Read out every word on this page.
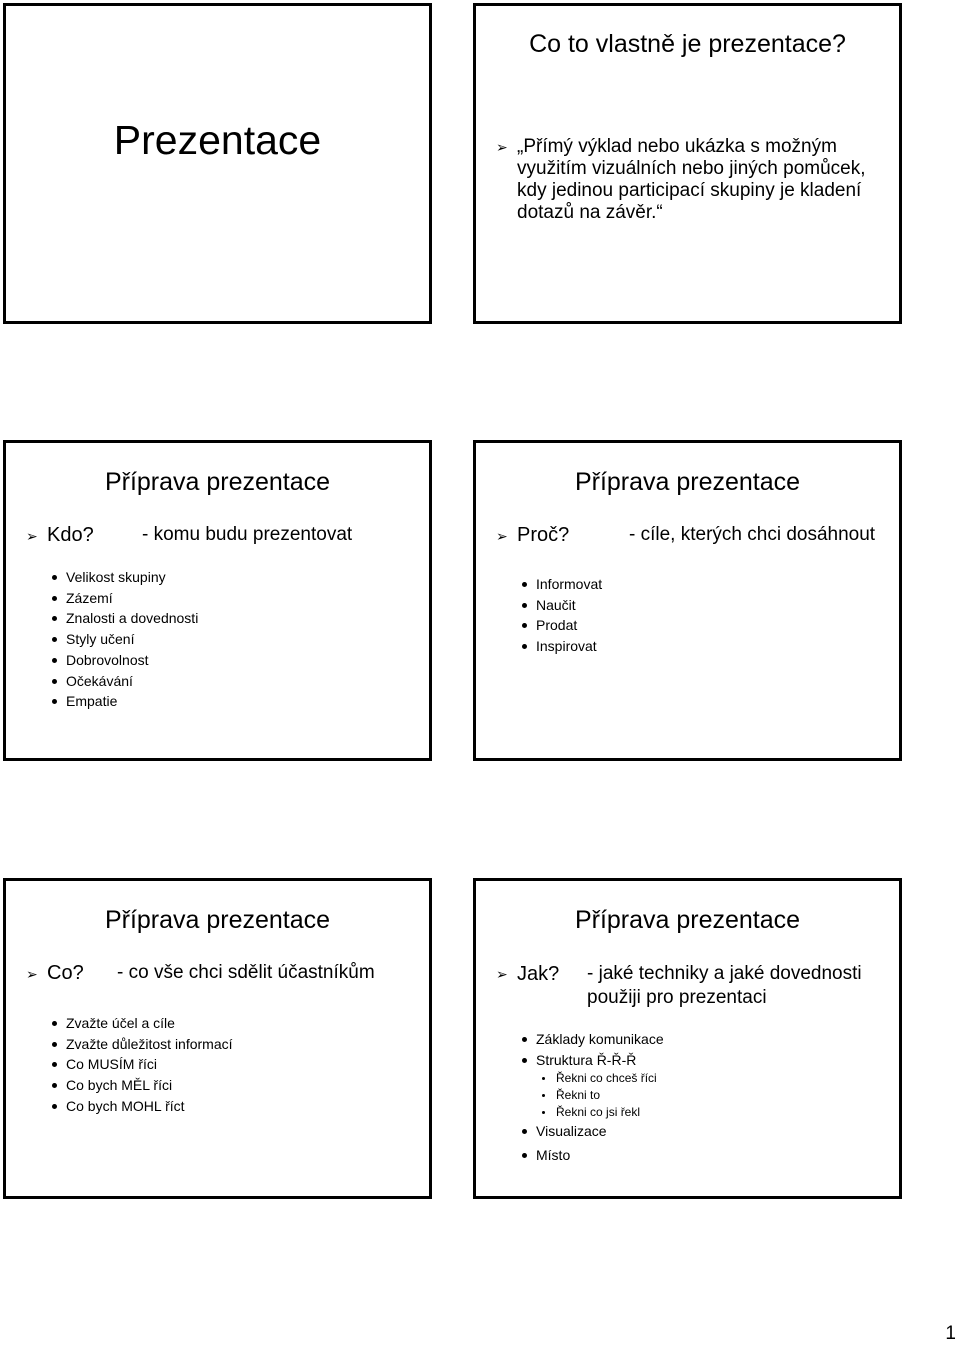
Prezentace
Co to vlastně je prezentace?
➢ „Přímý výklad nebo ukázka s možným využitím vizuálních nebo jiných pomůcek, kdy jedinou participací skupiny je kladení dotazů na závěr.“
Příprava prezentace
➢ Kdo?	- komu budu prezentovat
Velikost skupiny
Zázemí
Znalosti a dovednosti
Styly učení
Dobrovolnost
Očekávání
Empatie
Příprava prezentace
➢ Proč?	- cíle, kterých chci dosáhnout
Informovat
Naučit
Prodat
Inspirovat
Příprava prezentace
➢ Co?	- co vše chci sdělit účastníkům
Zvažte účel a cíle
Zvažte důležitost informací
Co MUSÍM říci
Co bych MĚL říci
Co bych MOHL říct
Příprava prezentace
➢ Jak?	- jaké techniky a jaké dovednosti použiji pro prezentaci
Základy komunikace
Struktura Ř-Ř-Ř
Řekni co chceš říci
Řekni to
Řekni co jsi řekl
Visualizace
Místo
1
